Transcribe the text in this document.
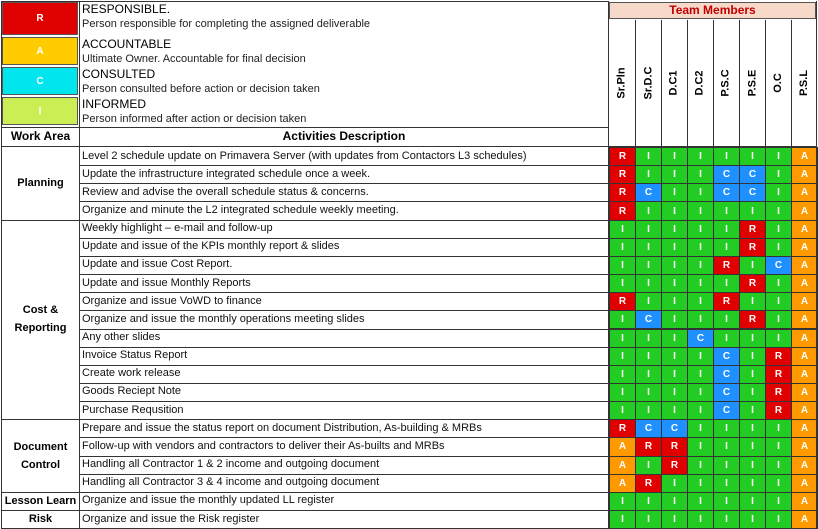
R
RESPONSIBLE.
Person responsible for completing the assigned deliverable
A	ACCOUNTABLE
Ultimate Owner. Accountable for final decision
C	CONSULTED
Person consulted before action or decision taken
I	INFORMED
Person informed after action or decision taken
Team Members
Work Area	Activities Description
Sr.Pln Sr.D.C D.C1 D.C2 P.S.C P.S.E O.C P.S.L
Level 2 schedule update on Primavera Server (with updates from Contactors L3 schedules)	R	I	I	I	I	I	I	A
Update the infrastructure integrated schedule once a week.	R	I	I	I	C	C	I	A
Review and advise the overall schedule status & concerns.	R	C	I	I	C	C	I	A
Organize and minute the L2 integrated schedule weekly meeting.	R	I	I	I	I	I	I	A
Planning
Weekly highlight – e-mail and follow-up	I	I	I	I	I	R	I	A
Update and issue of the KPIs monthly report & slides	I	I	I	I	I	R	I	A
Update and issue Cost Report.	I	I	I	I	R	I	C	A
Update and issue Monthly Reports	I	I	I	I	I	R	I	A
Organize and issue VoWD to finance	R	I	I	I	R	I	I	A
Organize and issue the monthly operations meeting slides	I	C	I	I	I	R	I	A
Any other slides	I	I	I	C	I	I	I	A
Invoice Status Report	I	I	I	I	C	I	R	A
Create work release	I	I	I	I	C	I	R	A
Goods Reciept Note	I	I	I	I	C	I	R	A
Purchase Requsition	I	I	I	I	C	I	R	A
Cost &
Reporting
Prepare and issue the status report on document Distribution, As-building & MRBs	R	C	C	I	I	I	I	A
Follow-up with vendors and contractors to deliver their As-builts and MRBs	A	R	R	I	I	I	I	A
Handling all Contractor 1 & 2 income and outgoing document	A	I	R	I	I	I	I	A
Handling all Contractor 3 & 4 income and outgoing document	A	R	I	I	I	I	I	A
Document
Control
Organize and issue the monthly updated LL register	I	I	I	I	I	I	I	A
Lesson Learn
Organize and issue the Risk register	I	I	I	I	I	I	I	A
Risk
